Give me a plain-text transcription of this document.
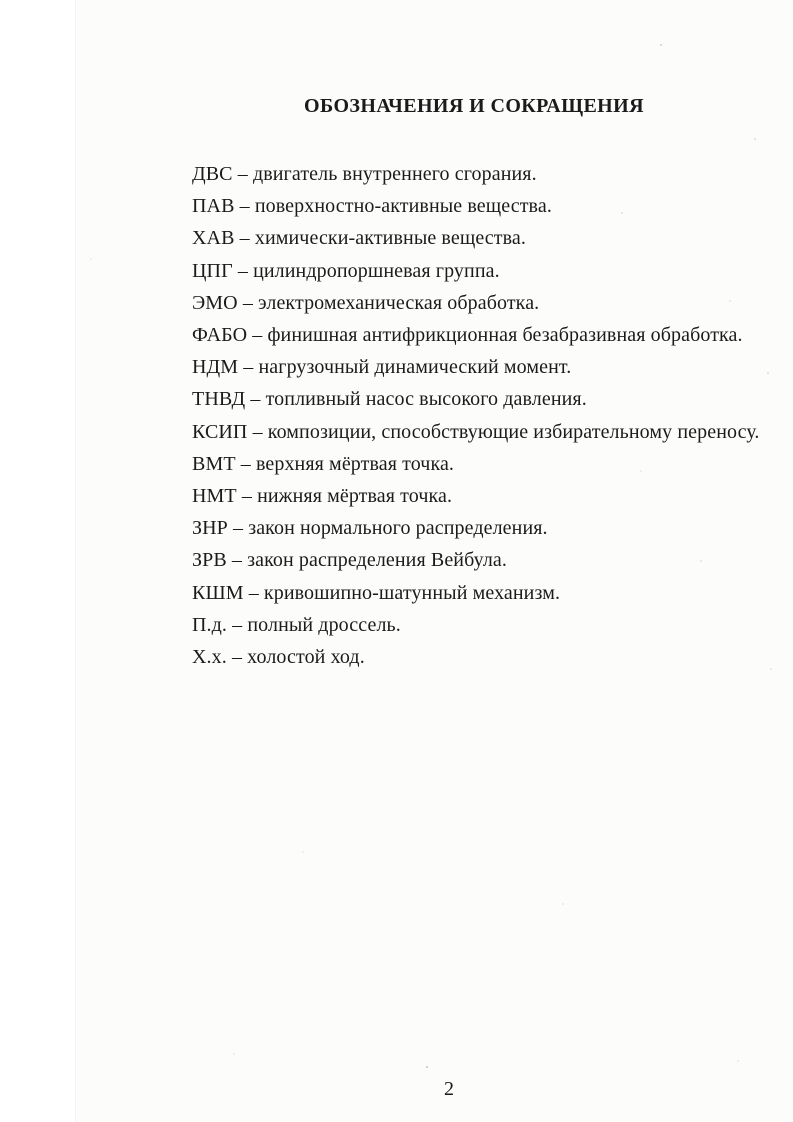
ОБОЗНАЧЕНИЯ И СОКРАЩЕНИЯ

ДВС – двигатель внутреннего сгорания.

ПАВ – поверхностно-активные вещества.

ХАВ – химически-активные вещества.

ЦПГ – цилиндропоршневая группа.

ЭМО – электромеханическая обработка.

ФАБО – финишная антифрикционная безабразивная обработка.

НДМ – нагрузочный динамический момент.

ТНВД – топливный насос высокого давления.

КСИП – композиции, способствующие избирательному переносу.

ВМТ – верхняя мёртвая точка.

НМТ – нижняя мёртвая точка.

ЗНР – закон нормального распределения.

ЗРВ – закон распределения Вейбула.

КШМ – кривошипно-шатунный механизм.

П.д. – полный дроссель.

Х.х. – холостой ход.

2
